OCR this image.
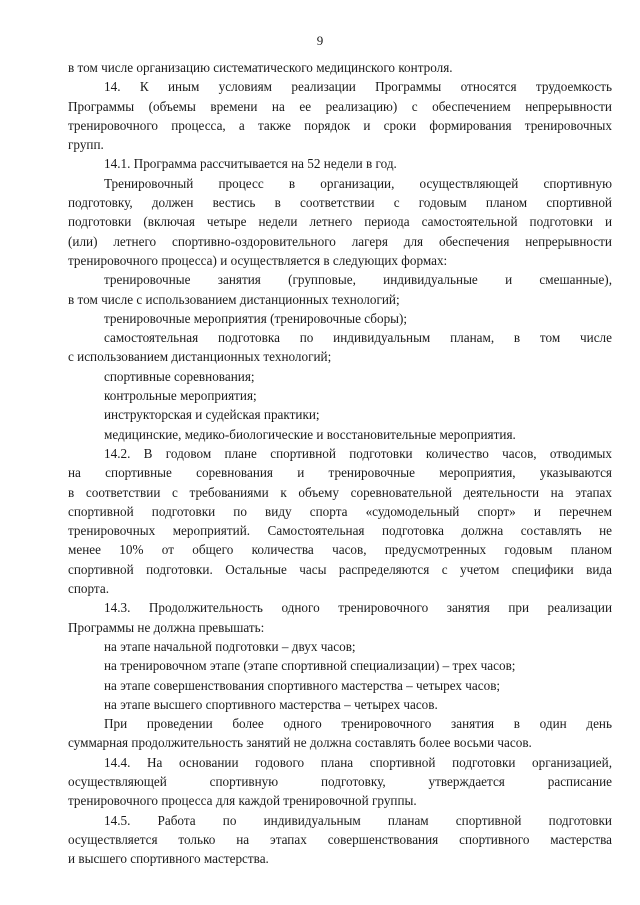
9
в том числе организацию систематического медицинского контроля.
14. К иным условиям реализации Программы относятся трудоемкость
Программы (объемы времени на ее реализацию) с обеспечением непрерывности
тренировочного процесса, а также порядок и сроки формирования тренировочных
групп.
14.1. Программа рассчитывается на 52 недели в год.
Тренировочный процесс в организации, осуществляющей спортивную
подготовку, должен вестись в соответствии с годовым планом спортивной
подготовки (включая четыре недели летнего периода самостоятельной подготовки и
(или) летнего спортивно-оздоровительного лагеря для обеспечения непрерывности
тренировочного процесса) и осуществляется в следующих формах:
тренировочные занятия (групповые, индивидуальные и смешанные),
в том числе с использованием дистанционных технологий;
тренировочные мероприятия (тренировочные сборы);
самостоятельная подготовка по индивидуальным планам, в том числе
с использованием дистанционных технологий;
спортивные соревнования;
контрольные мероприятия;
инструкторская и судейская практики;
медицинские, медико-биологические и восстановительные мероприятия.
14.2. В годовом плане спортивной подготовки количество часов, отводимых
на спортивные соревнования и тренировочные мероприятия, указываются
в соответствии с требованиями к объему соревновательной деятельности на этапах
спортивной подготовки по виду спорта «судомодельный спорт» и перечнем
тренировочных мероприятий. Самостоятельная подготовка должна составлять не
менее 10% от общего количества часов, предусмотренных годовым планом
спортивной подготовки. Остальные часы распределяются с учетом специфики вида
спорта.
14.3. Продолжительность одного тренировочного занятия при реализации
Программы не должна превышать:
на этапе начальной подготовки – двух часов;
на тренировочном этапе (этапе спортивной специализации) – трех часов;
на этапе совершенствования спортивного мастерства – четырех часов;
на этапе высшего спортивного мастерства – четырех часов.
При проведении более одного тренировочного занятия в один день
суммарная продолжительность занятий не должна составлять более восьми часов.
14.4. На основании годового плана спортивной подготовки организацией,
осуществляющей спортивную подготовку, утверждается расписание
тренировочного процесса для каждой тренировочной группы.
14.5. Работа по индивидуальным планам спортивной подготовки
осуществляется только на этапах совершенствования спортивного мастерства
и высшего спортивного мастерства.
